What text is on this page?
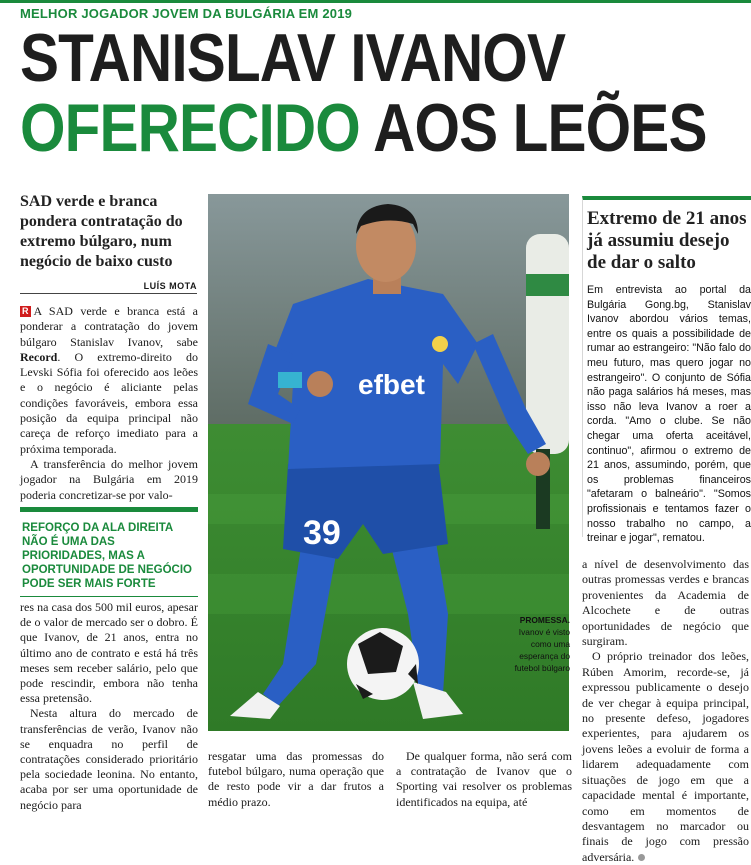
MELHOR JOGADOR JOVEM DA BULGÁRIA EM 2019
STANISLAV IVANOV
OFERECIDO AOS LEÕES
SAD verde e branca pondera contratação do extremo búlgaro, num negócio de baixo custo
LUÍS MOTA

R A SAD verde e branca está a ponderar a contratação do jovem búlgaro Stanislav Ivanov, sabe Record. O extremo-direito do Levski Sófia foi oferecido aos leões e o negócio é aliciante pelas condições favoráveis, embora essa posição da equipa principal não careça de reforço imediato para a próxima temporada.

A transferência do melhor jovem jogador na Bulgária em 2019 poderia concretizar-se por valo-

REFORÇO DA ALA DIREITA NÃO É UMA DAS PRIORIDADES, MAS A OPORTUNIDADE DE NEGÓCIO PODE SER MAIS FORTE

res na casa dos 500 mil euros, apesar de o valor de mercado ser o dobro. É que Ivanov, de 21 anos, entra no último ano de contrato e está há três meses sem receber salário, pelo que pode rescindir, embora não tenha essa pretensão.

Nesta altura do mercado de transferências de verão, Ivanov não se enquadra no perfil de contratações considerado prioritário pela sociedade leonina. No entanto, acaba por ser uma oportunidade de negócio para

39
efbet
PROMESSA.
Ivanov é visto como uma esperança do futebol búlgaro

resgatar uma das promessas do futebol búlgaro, numa operação que de resto pode vir a dar frutos a médio prazo.

De qualquer forma, não será com a contratação de Ivanov que o Sporting vai resolver os problemas identificados na equipa, até

Extremo de 21 anos já assumiu desejo de dar o salto
Em entrevista ao portal da Bulgária Gong.bg, Stanislav Ivanov abordou vários temas, entre os quais a possibilidade de rumar ao estrangeiro: "Não falo do meu futuro, mas quero jogar no estrangeiro". O conjunto de Sófia não paga salários há meses, mas isso não leva Ivanov a roer a corda. "Amo o clube. Se não chegar uma oferta aceitável, continuo", afirmou o extremo de 21 anos, assumindo, porém, que os problemas financeiros "afetaram o balneário". "Somos profissionais e tentamos fazer o nosso trabalho no campo, a treinar e jogar", rematou.

a nível de desenvolvimento das outras promessas verdes e brancas provenientes da Academia de Alcochete e de outras oportunidades de negócio que surgiram.

O próprio treinador dos leões, Rúben Amorim, recorde-se, já expressou publicamente o desejo de ver chegar à equipa principal, no presente defeso, jogadores experientes, para ajudarem os jovens leões a evoluir de forma a lidarem adequadamente com situações de jogo em que a capacidade mental é importante, como em momentos de desvantagem no marcador ou finais de jogo com pressão adversária.
